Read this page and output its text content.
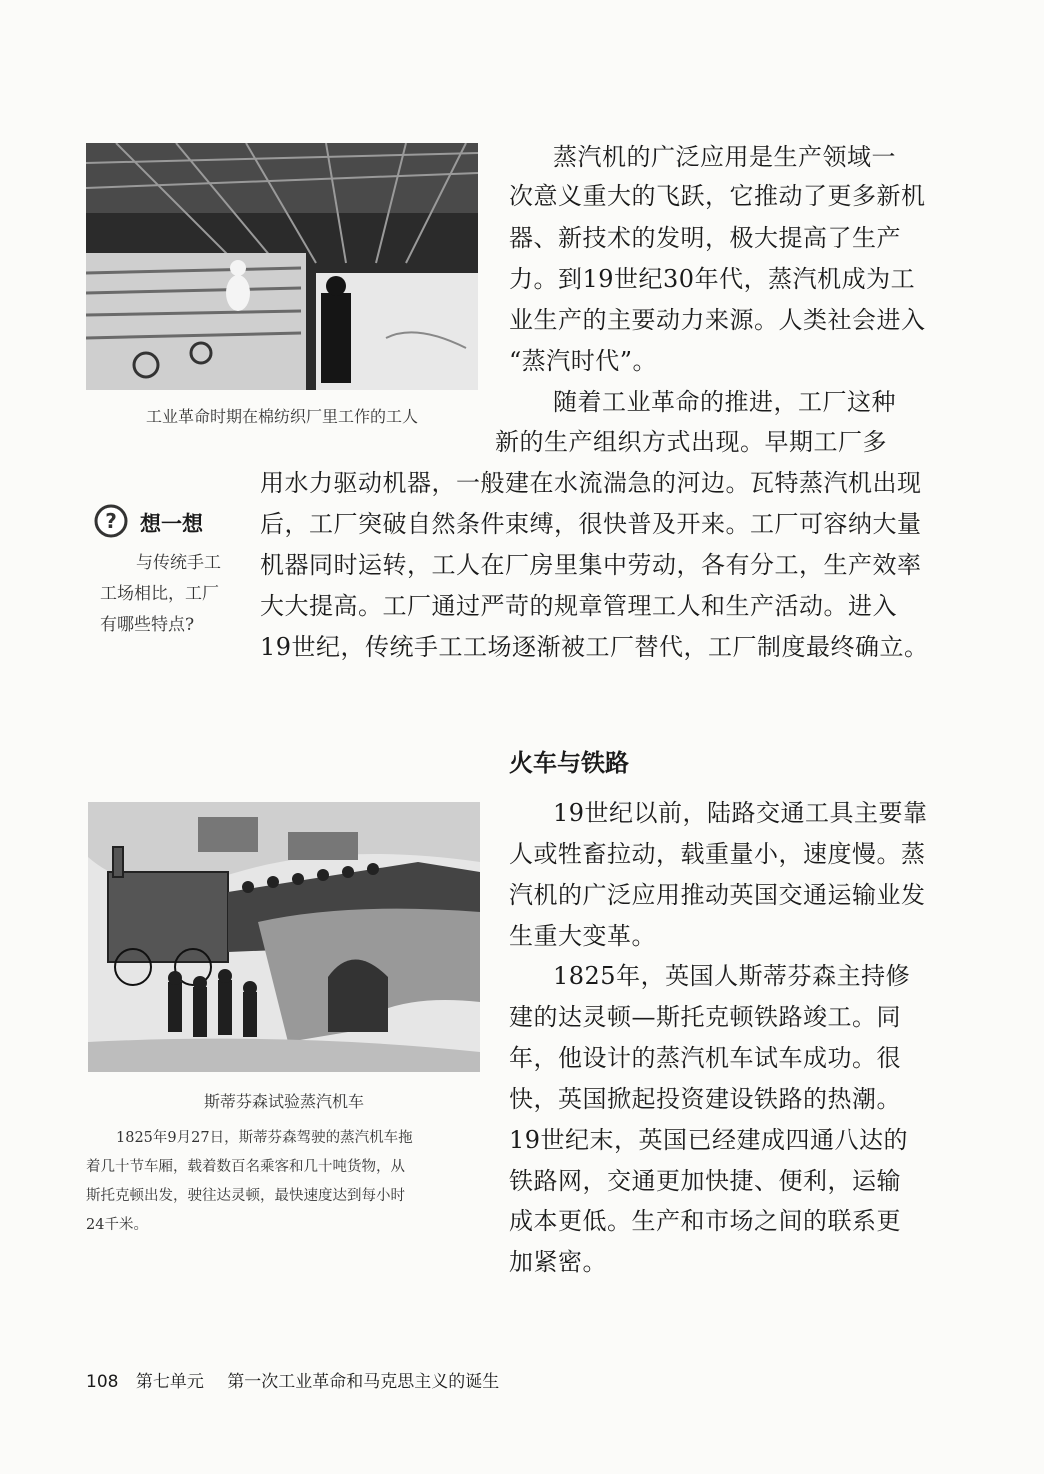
工业革命时期在棉纺织厂里工作的工人
蒸汽机的广泛应用是生产领域一
次意义重大的飞跃，它推动了更多新机
器、新技术的发明，极大提高了生产
力。到19世纪30年代，蒸汽机成为工
业生产的主要动力来源。人类社会进入
“蒸汽时代”。
随着工业革命的推进，工厂这种
新的生产组织方式出现。早期工厂多
用水力驱动机器，一般建在水流湍急的河边。瓦特蒸汽机出现
后，工厂突破自然条件束缚，很快普及开来。工厂可容纳大量
机器同时运转，工人在厂房里集中劳动，各有分工，生产效率
大大提高。工厂通过严苛的规章管理工人和生产活动。进入
19世纪，传统手工工场逐渐被工厂替代，工厂制度最终确立。
? 想一想
与传统手工
工场相比，工厂
有哪些特点?
火车与铁路
19世纪以前，陆路交通工具主要靠
人或牲畜拉动，载重量小，速度慢。蒸
汽机的广泛应用推动英国交通运输业发
生重大变革。
1825年，英国人斯蒂芬森主持修
建的达灵顿—斯托克顿铁路竣工。同
年，他设计的蒸汽机车试车成功。很
快，英国掀起投资建设铁路的热潮。
19世纪末，英国已经建成四通八达的
铁路网，交通更加快捷、便利，运输
成本更低。生产和市场之间的联系更
加紧密。
斯蒂芬森试验蒸汽机车
1825年9月27日，斯蒂芬森驾驶的蒸汽机车拖
着几十节车厢，载着数百名乘客和几十吨货物，从
斯托克顿出发，驶往达灵顿，最快速度达到每小时
24千米。
108 第七单元 第一次工业革命和马克思主义的诞生
